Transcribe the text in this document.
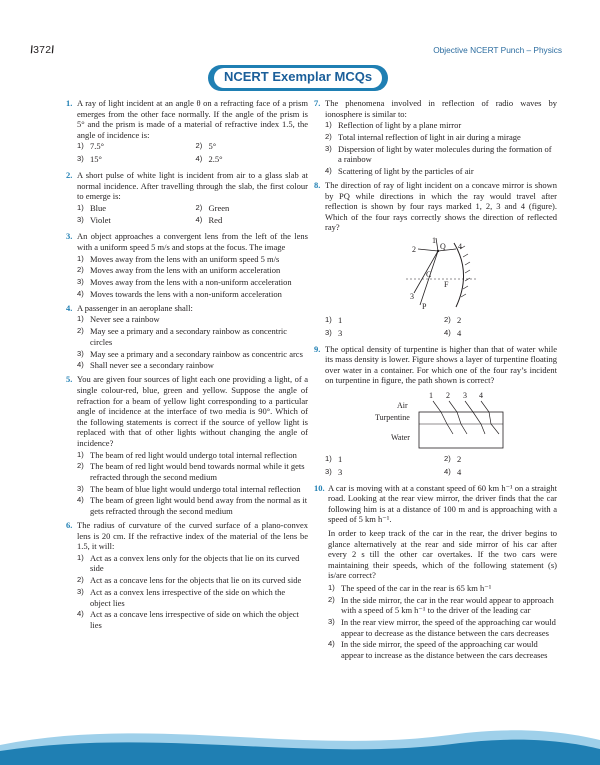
\372\	Objective NCERT Punch – Physics
NCERT Exemplar MCQs
1. A ray of light incident at an angle θ on a refracting face of a prism emerges from the other face normally. If the angle of the prism is 5° and the prism is made of a material of refractive index 1.5, the angle of incidence is:
1) 7.5°	2) 5°
3) 15°	4) 2.5°
2. A short pulse of white light is incident from air to a glass slab at normal incidence. After travelling through the slab, the first colour to emerge is:
1) Blue	2) Green
3) Violet	4) Red
3. An object approaches a convergent lens from the left of the lens with a uniform speed 5 m/s and stops at the focus. The image
1) Moves away from the lens with an uniform speed 5 m/s
2) Moves away from the lens with an uniform acceleration
3) Moves away from the lens with a non-uniform acceleration
4) Moves towards the lens with a non-uniform acceleration
4. A passenger in an aeroplane shall:
1) Never see a rainbow
2) May see a primary and a secondary rainbow as concentric circles
3) May see a primary and a secondary rainbow as concentric arcs
4) Shall never see a secondary rainbow
5. You are given four sources of light each one providing a light, of a single colour-red, blue, green and yellow. Suppose the angle of refraction for a beam of yellow light corresponding to a particular angle of incidence at the interface of two media is 90°. Which of the following statements is correct if the source of yellow light is replaced with that of other lights without changing the angle of incidence?
1) The beam of red light would undergo total internal reflection
2) The beam of red light would bend towards normal while it gets refracted through the second medium
3) The beam of blue light would undergo total internal reflection
4) The beam of green light would bend away from the normal as it gets refracted through the second medium
6. The radius of curvature of the curved surface of a plano-convex lens is 20 cm. If the refractive index of the material of the lens be 1.5, it will:
1) Act as a convex lens only for the objects that lie on its curved side
2) Act as a concave lens for the objects that lie on its curved side
3) Act as a convex lens irrespective of the side on which the object lies
4) Act as a concave lens irrespective of side on which the object lies
7. The phenomena involved in reflection of radio waves by ionosphere is similar to:
1) Reflection of light by a plane mirror
2) Total internal reflection of light in air during a mirage
3) Dispersion of light by water molecules during the formation of a rainbow
4) Scattering of light by the particles of air
8. The direction of ray of light incident on a concave mirror is shown by PQ while directions in which the ray would travel after reflection is shown by four rays marked 1, 2, 3 and 4 (figure). Which of the four rays correctly shows the direction of reflected ray?
1
2	4
Q
C
F
3
P
1) 1	2) 2
3) 3	4) 4
9. The optical density of turpentine is higher than that of water while its mass density is lower. Figure shows a layer of turpentine floating over water in a container. For which one of the four ray’s incident on turpentine in figure, the path shown is correct?
1 2 3 4
Air
Turpentine
Water
1) 1	2) 2
3) 3	4) 4
10. A car is moving with at a constant speed of 60 km h⁻¹ on a straight road. Looking at the rear view mirror, the driver finds that the car following him is at a distance of 100 m and is approaching with a speed of 5 km h⁻¹.
In order to keep track of the car in the rear, the driver begins to glance alternatively at the rear and side mirror of his car after every 2 s till the other car overtakes. If the two cars were maintaining their speeds, which of the following statement (s) is/are correct?
1) The speed of the car in the rear is 65 km h⁻¹
2) In the side mirror, the car in the rear would appear to approach with a speed of 5 km h⁻¹ to the driver of the leading car
3) In the rear view mirror, the speed of the approaching car would appear to decrease as the distance between the cars decreases
4) In the side mirror, the speed of the approaching car would appear to increase as the distance between the cars decreases
